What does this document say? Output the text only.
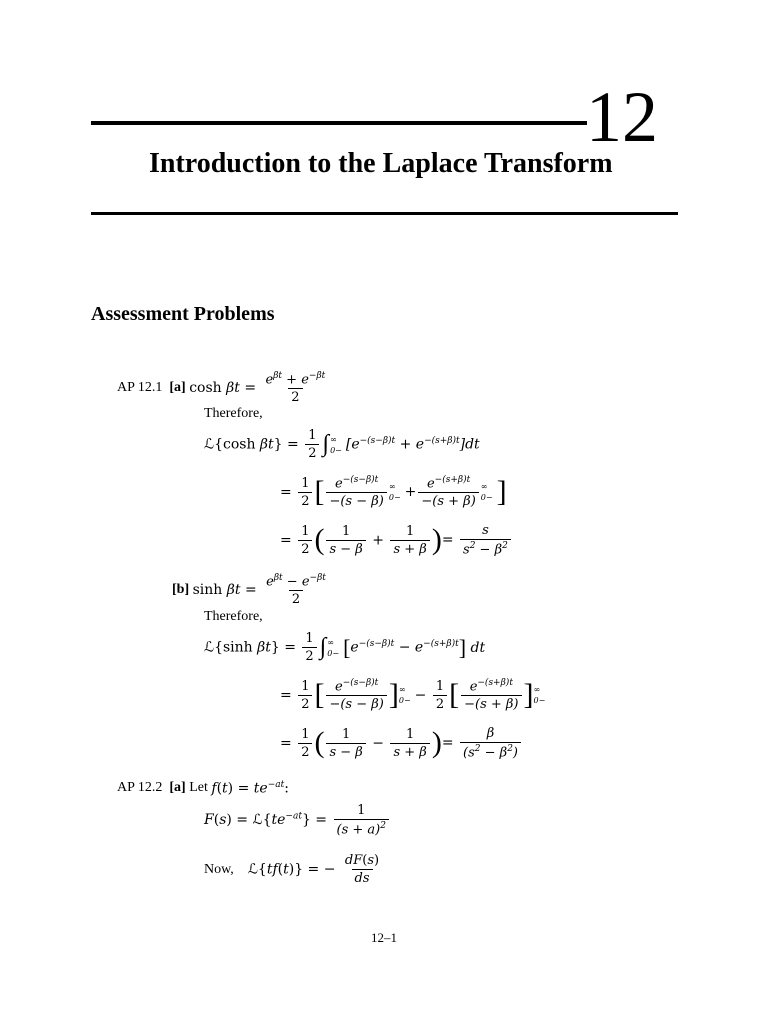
12
Introduction to the Laplace Transform
Assessment Problems
AP 12.1
[a]
$\cosh \beta t = \frac{e^{\beta t} + e^{-\beta t}}{2}$
Therefore,
ℒ{cosh $\beta t\} = \frac{1}{2}$ ∫ ∞
$0- [e^{-(s-\beta)t} + e^{-(s+\beta)t}]dt$
= $\frac{1}{2}$ [ $\frac{e^{-(s-\beta)t}}{-(s - \beta)}$ ∞
$0- + \frac{e^{-(s+\beta)t}}{-(s + \beta)}$ ∞
0− ]
= $\frac{1}{2}$ ( $\frac{1}{s - \beta} + \frac{1}{s + \beta}$ ) = $\frac{s}{s^2 - \beta^2}$
[b]
$\sinh \beta t = \frac{e^{\beta t} - e^{-\beta t}}{2}$
Therefore,
ℒ{sinh $\beta t\} = \frac{1}{2}$ ∫ ∞
0− [ $e^{-(s-\beta)t} - e^{-(s+\beta)t}$ ] dt
= $\frac{1}{2}$ [ $\frac{e^{-(s-\beta)t}}{-(s - \beta)}$ ] ∞
$0- - \frac{1}{2}$ [ $\frac{e^{-(s+\beta)t}}{-(s + \beta)}$ ] ∞
0−
= $\frac{1}{2}$ ( $\frac{1}{s - \beta} - \frac{1}{s + \beta}$ ) = $\frac{\beta}{(s^2 - \beta^2)}$
AP 12.2
[a]
Let
$f(t) = te^{-at}$:
$F(s) = ℒ\{te^{-at}\} = \frac{1}{(s + a)^2}$
Now,
ℒ{tf(t)} = − $\frac{dF(s)}{ds}$
12–1
